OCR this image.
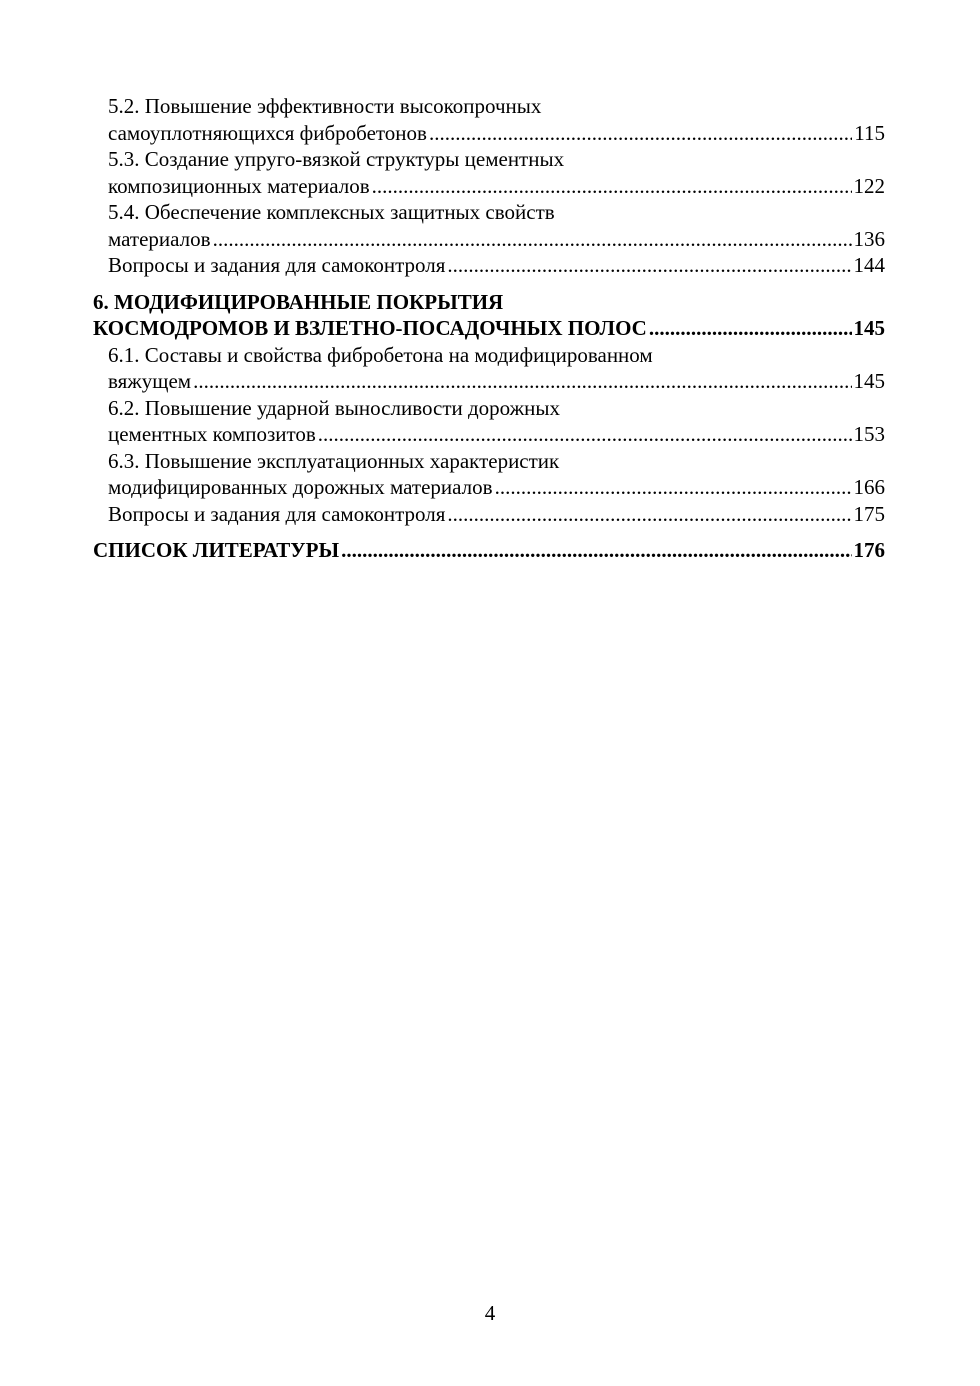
5.2. Повышение эффективности высокопрочных
самоуплотняющихся фибробетонов .....	115
5.3. Создание упруго-вязкой структуры цементных
композиционных материалов .....	122
5.4. Обеспечение комплексных защитных свойств
материалов .....	136
Вопросы и задания для самоконтроля .....	144
6. МОДИФИЦИРОВАННЫЕ ПОКРЫТИЯ
КОСМОДРОМОВ И ВЗЛЕТНО-ПОСАДОЧНЫХ ПОЛОС .....	145
6.1. Составы и свойства фибробетона на модифицированном
вяжущем .....	145
6.2. Повышение ударной выносливости дорожных
цементных композитов .....	153
6.3. Повышение эксплуатационных характеристик
модифицированных дорожных материалов .....	166
Вопросы и задания для самоконтроля .....	175
СПИСОК ЛИТЕРАТУРЫ .....	176
4
